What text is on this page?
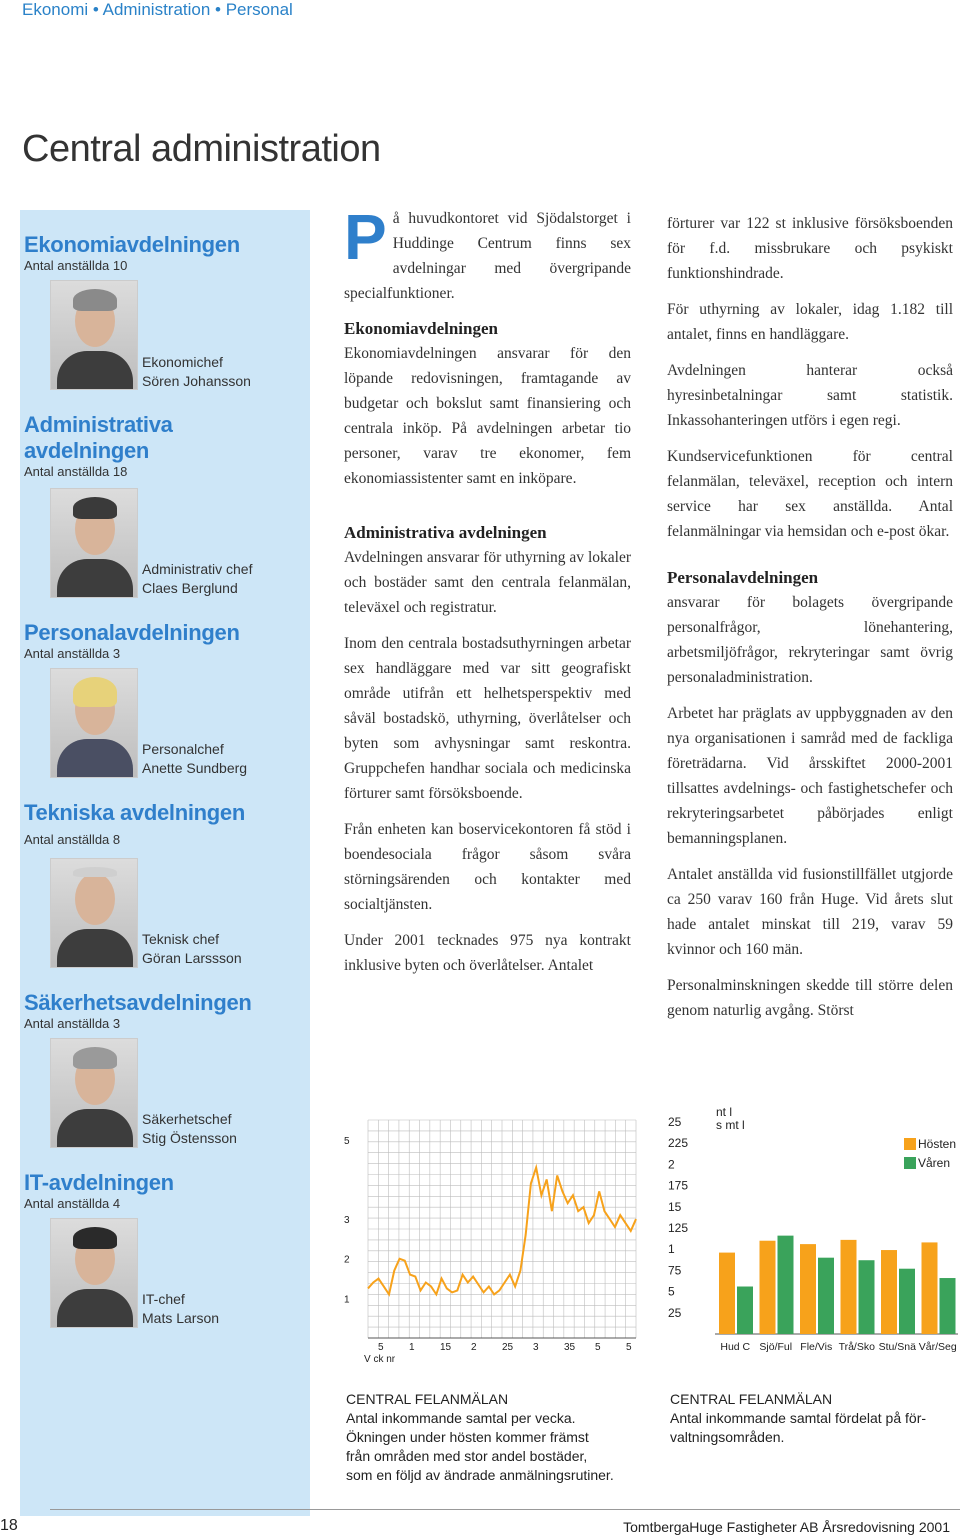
Ekonomi • Administration • Personal
Central administration
Ekonomiavdelningen
Antal anställda 10
Ekonomichef
Sören Johansson
Administrativa
avdelningen
Antal anställda 18
Administrativ chef
Claes Berglund
Personalavdelningen
Antal anställda 3
Personalchef
Anette Sundberg
Tekniska avdelningen
Antal anställda 8
Teknisk chef
Göran Larssson
Säkerhetsavdelningen
Antal anställda 3
Säkerhetschef
Stig Östensson
IT-avdelningen
Antal anställda 4
IT-chef
Mats Larson

På huvudkontoret vid Sjödalstorget i Huddinge Centrum finns sex avdelningar med övergripande specialfunktioner.

Ekonomiavdelningen

Ekonomiavdelningen ansvarar för den löpande redovisningen, framtagande av budgetar och bokslut samt finansiering och centrala inköp. På avdelningen arbetar tio personer, varav tre ekonomer, fem ekonomiassistenter samt en inköpare.

Administrativa avdelningen

Avdelningen ansvarar för uthyrning av lokaler och bostäder samt den centrala felanmälan, televäxel och registratur.

Inom den centrala bostadsuthyrningen arbetar sex handläggare med var sitt geografiskt område utifrån ett helhetsperspektiv med såväl bostadskö, uthyrning, överlåtelser och byten som avhysningar samt reskontra. Gruppchefen handhar sociala och medicinska förturer samt försöksboende.

Från enheten kan boservicekontoren få stöd i boendesociala frågor såsom svåra störningsärenden och kontakter med socialtjänsten.

Under 2001 tecknades 975 nya kontrakt inklusive byten och överlåtelser. Antalet

förturer var 122 st inklusive försöksboenden för f.d. missbrukare och psykiskt funktionshindrade.

För uthyrning av lokaler, idag 1.182 till antalet, finns en handläggare.

Avdelningen hanterar också hyresinbetalningar samt statistik. Inkassohanteringen utförs i egen regi.

Kundservicefunktionen för central felanmälan, televäxel, reception och intern service har sex anställda. Antal felanmälningar via hemsidan och e-post ökar.

Personalavdelningen

ansvarar för bolagets övergripande personalfrågor, lönehantering, arbetsmiljöfrågor, rekryteringar samt övrig personaladministration.

Arbetet har präglats av uppbyggnaden av den nya organisationen i samråd med de fackliga företrädarna. Vid årsskiftet 2000-2001 tillsattes avdelnings- och fastighetschefer och rekryteringsarbetet påbörjades enligt bemanningsplanen.

Antalet anställda vid fusionstillfället utgjorde ca 250 varav 160 från Huge. Vid årets slut hade antalet minskat till 219, varav 59 kvinnor och 160 män.

Personalminskningen skedde till större delen genom naturlig avgång. Störst

5
3
2
1
5	1	15 2	25 3	35 5	5
V ck nr
25
225
2
175
15
125
1
75
5
25
nt l
s mt l
Hud C Sjö/Ful Fle/Vis Trå/Sko Stu/Snä Vår/Seg
Hösten
Våren
CENTRAL FELANMÄLAN
Antal inkommande samtal per vecka.
Ökningen under hösten kommer främst
från områden med stor andel bostäder,
som en följd av ändrade anmälningsrutiner.
CENTRAL FELANMÄLAN
Antal inkommande samtal fördelat på för-
valtningsområden.
18	TomtbergaHuge Fastigheter AB Årsredovisning 2001
